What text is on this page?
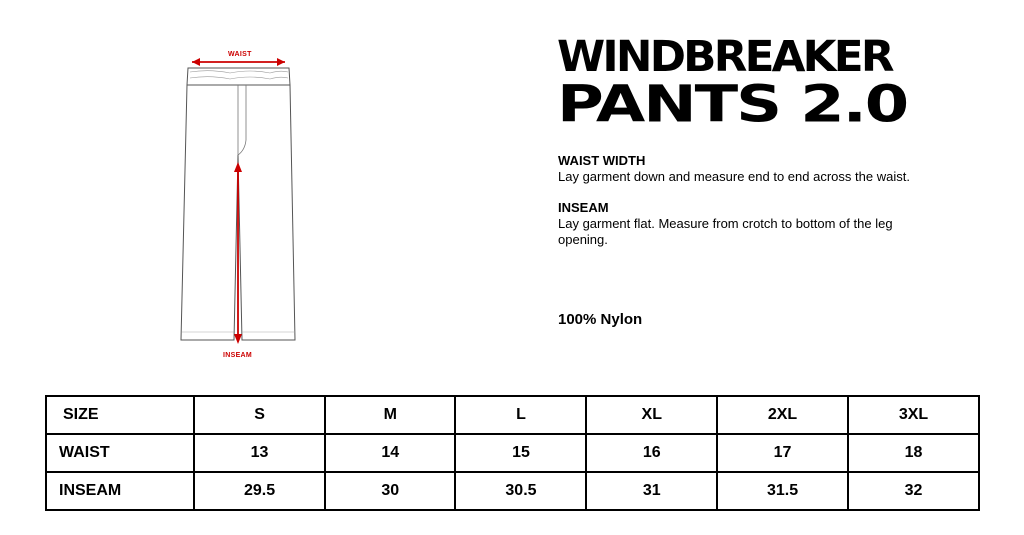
WAIST
INSEAM
WINDBREAKER
PANTS 2.0
WAIST WIDTH
Lay garment down and measure end to end across the waist.
INSEAM
Lay garment flat. Measure from crotch to bottom of the leg opening.
100% Nylon
SIZE	S	M	L	XL	2XL	3XL
WAIST	13	14	15	16	17	18
INSEAM	29.5	30	30.5	31	31.5	32
